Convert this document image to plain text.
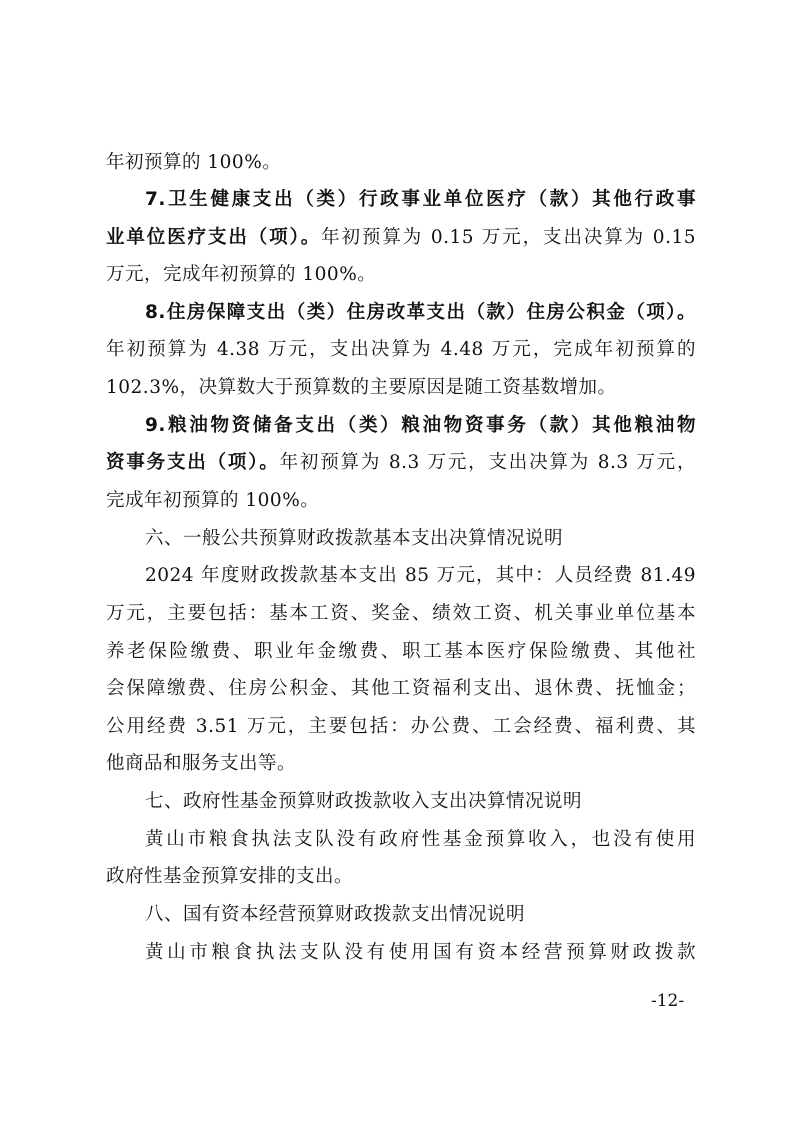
年初预算的 100%。
7.卫生健康支出（类）行政事业单位医疗（款）其他行政事
业单位医疗支出（项）。年初预算为 0.15 万元，支出决算为 0.15
万元，完成年初预算的 100%。
8.住房保障支出（类）住房改革支出（款）住房公积金（项）。
年初预算为 4.38 万元，支出决算为 4.48 万元，完成年初预算的
102.3%，决算数大于预算数的主要原因是随工资基数增加。
9.粮油物资储备支出（类）粮油物资事务（款）其他粮油物
资事务支出（项）。年初预算为 8.3 万元，支出决算为 8.3 万元，
完成年初预算的 100%。
六、一般公共预算财政拨款基本支出决算情况说明
2024 年度财政拨款基本支出 85 万元，其中：人员经费 81.49
万元，主要包括：基本工资、奖金、绩效工资、机关事业单位基本
养老保险缴费、职业年金缴费、职工基本医疗保险缴费、其他社
会保障缴费、住房公积金、其他工资福利支出、退休费、抚恤金；
公用经费 3.51 万元，主要包括：办公费、工会经费、福利费、其
他商品和服务支出等。
七、政府性基金预算财政拨款收入支出决算情况说明
黄山市粮食执法支队没有政府性基金预算收入，也没有使用
政府性基金预算安排的支出。
八、国有资本经营预算财政拨款支出情况说明
黄山市粮食执法支队没有使用国有资本经营预算财政拨款
-12-
